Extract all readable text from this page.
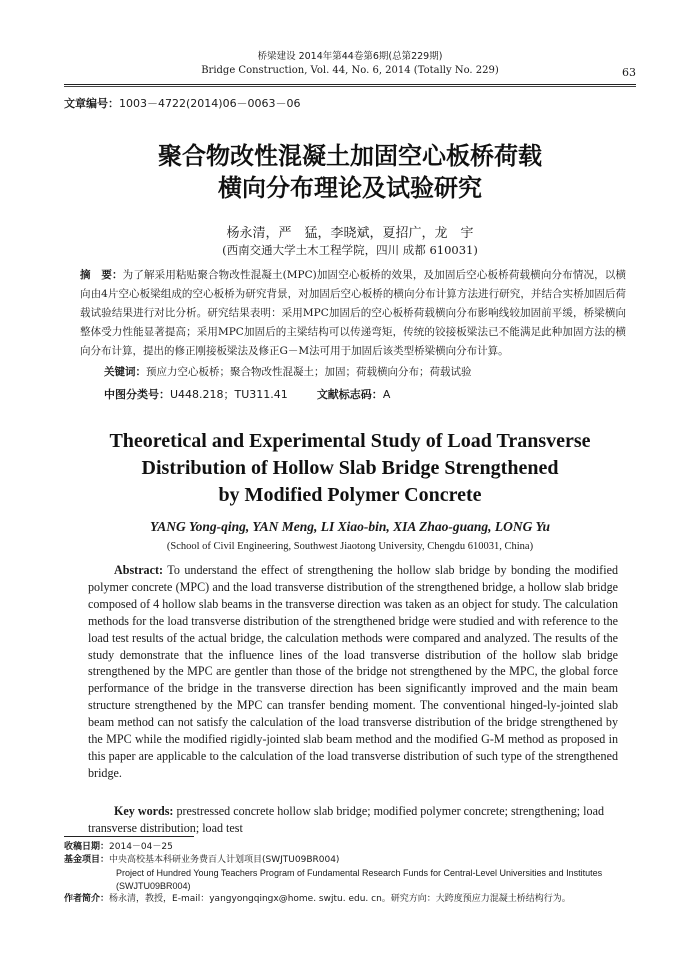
桥梁建设 2014年第44卷第6期(总第229期)
Bridge Construction, Vol. 44, No. 6, 2014 (Totally No. 229)	63
文章编号：1003－4722(2014)06－0063－06
聚合物改性混凝土加固空心板桥荷载
横向分布理论及试验研究
杨永清，严　猛，李晓斌，夏招广，龙　宇
(西南交通大学土木工程学院，四川 成都 610031)
摘　要：为了解采用粘贴聚合物改性混凝土(MPC)加固空心板桥的效果，及加固后空心板桥荷载横向分布情况，以横向由4片空心板梁组成的空心板桥为研究背景，对加固后空心板桥的横向分布计算方法进行研究，并结合实桥加固后荷载试验结果进行对比分析。研究结果表明：采用MPC加固后的空心板桥荷载横向分布影响线较加固前平缓，桥梁横向整体受力性能显著提高；采用MPC加固后的主梁结构可以传递弯矩，传统的铰接板梁法已不能满足此种加固方法的横向分布计算，提出的修正刚接板梁法及修正G－M法可用于加固后该类型桥梁横向分布计算。
关键词：预应力空心板桥；聚合物改性混凝土；加固；荷载横向分布；荷载试验
中图分类号：U448.218；TU311.41	文献标志码：A
Theoretical and Experimental Study of Load Transverse
Distribution of Hollow Slab Bridge Strengthened
by Modified Polymer Concrete
YANG Yong-qing, YAN Meng, LI Xiao-bin, XIA Zhao-guang, LONG Yu
(School of Civil Engineering, Southwest Jiaotong University, Chengdu 610031, China)
Abstract: To understand the effect of strengthening the hollow slab bridge by bonding the modified polymer concrete (MPC) and the load transverse distribution of the strengthened bridge, a hollow slab bridge composed of 4 hollow slab beams in the transverse direction was taken as an object for study. The calculation methods for the load transverse distribution of the strengthened bridge were studied and with reference to the load test results of the actual bridge, the calculation methods were compared and analyzed. The results of the study demonstrate that the influence lines of the load transverse distribution of the hollow slab bridge strengthened by the MPC are gentler than those of the bridge not strengthened by the MPC, the global force performance of the bridge in the transverse direction has been significantly improved and the main beam structure strengthened by the MPC can transfer bending moment. The conventional hinged-ly-jointed slab beam method can not satisfy the calculation of the load transverse distribution of the bridge strengthened by the MPC while the modified rigidly-jointed slab beam method and the modified G-M method as proposed in this paper are applicable to the calculation of the load transverse distribution of such type of the strengthened bridge.
Key words: prestressed concrete hollow slab bridge; modified polymer concrete; strengthening; load transverse distribution; load test
收稿日期：2014－04－25
基金项目：中央高校基本科研业务费百人计划项目(SWJTU09BR004)
Project of Hundred Young Teachers Program of Fundamental Research Funds for Central-Level Universities and Institutes (SWJTU09BR004)
作者简介：杨永清，教授，E-mail：yangyongqingx@home. swjtu. edu. cn。研究方向：大跨度预应力混凝土桥结构行为。
